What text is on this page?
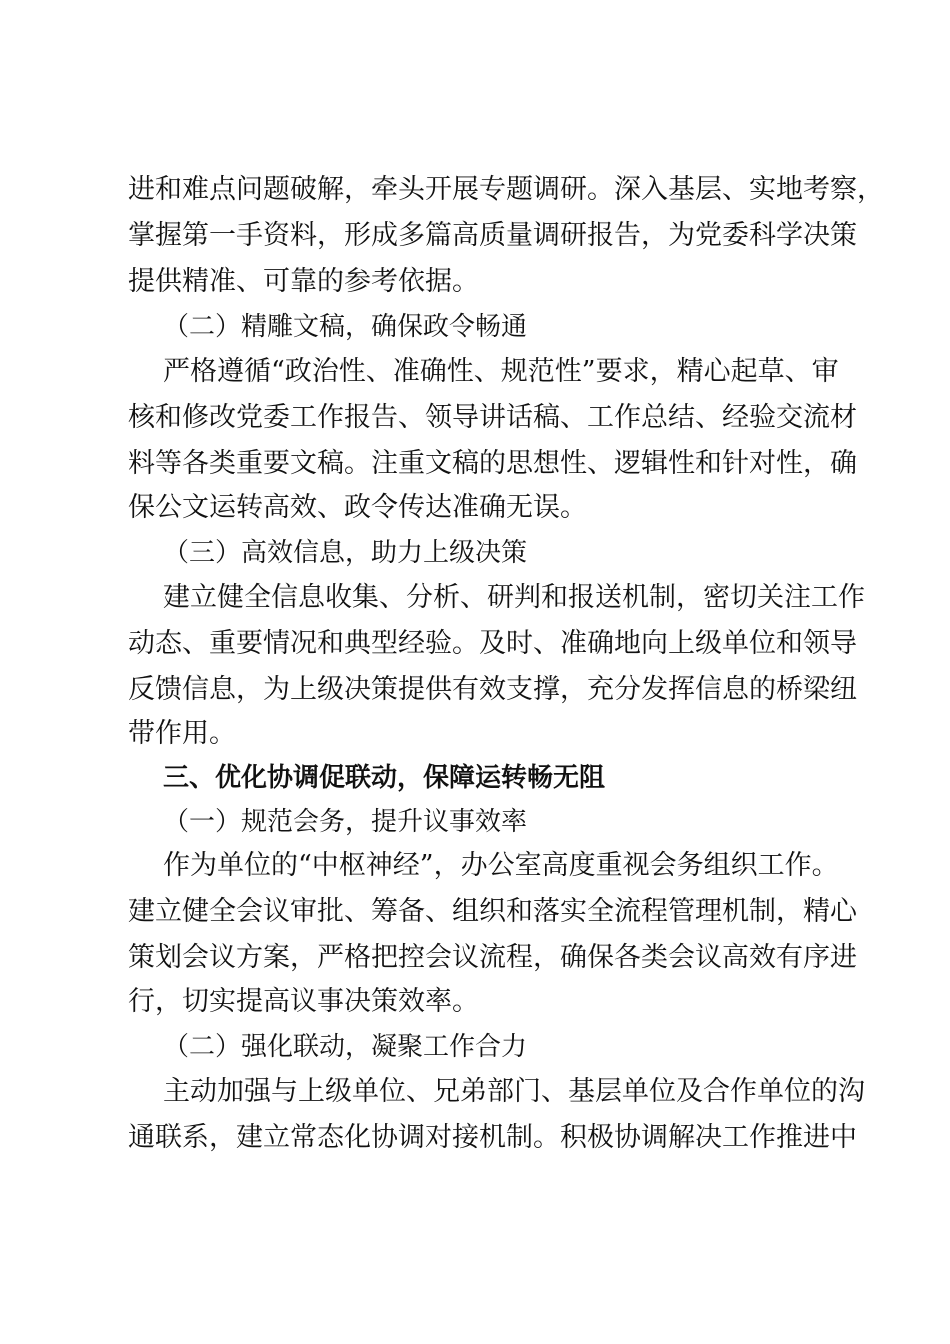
进和难点问题破解，牵头开展专题调研。深入基层、实地考察，
掌握第一手资料，形成多篇高质量调研报告，为党委科学决策
提供精准、可靠的参考依据。
（二）精雕文稿，确保政令畅通
严格遵循“政治性、准确性、规范性”要求，精心起草、审
核和修改党委工作报告、领导讲话稿、工作总结、经验交流材
料等各类重要文稿。注重文稿的思想性、逻辑性和针对性，确
保公文运转高效、政令传达准确无误。
（三）高效信息，助力上级决策
建立健全信息收集、分析、研判和报送机制，密切关注工作
动态、重要情况和典型经验。及时、准确地向上级单位和领导
反馈信息，为上级决策提供有效支撑，充分发挥信息的桥梁纽
带作用。
三、优化协调促联动，保障运转畅无阻
（一）规范会务，提升议事效率
作为单位的“中枢神经”，办公室高度重视会务组织工作。
建立健全会议审批、筹备、组织和落实全流程管理机制，精心
策划会议方案，严格把控会议流程，确保各类会议高效有序进
行，切实提高议事决策效率。
（二）强化联动，凝聚工作合力
主动加强与上级单位、兄弟部门、基层单位及合作单位的沟
通联系，建立常态化协调对接机制。积极协调解决工作推进中
